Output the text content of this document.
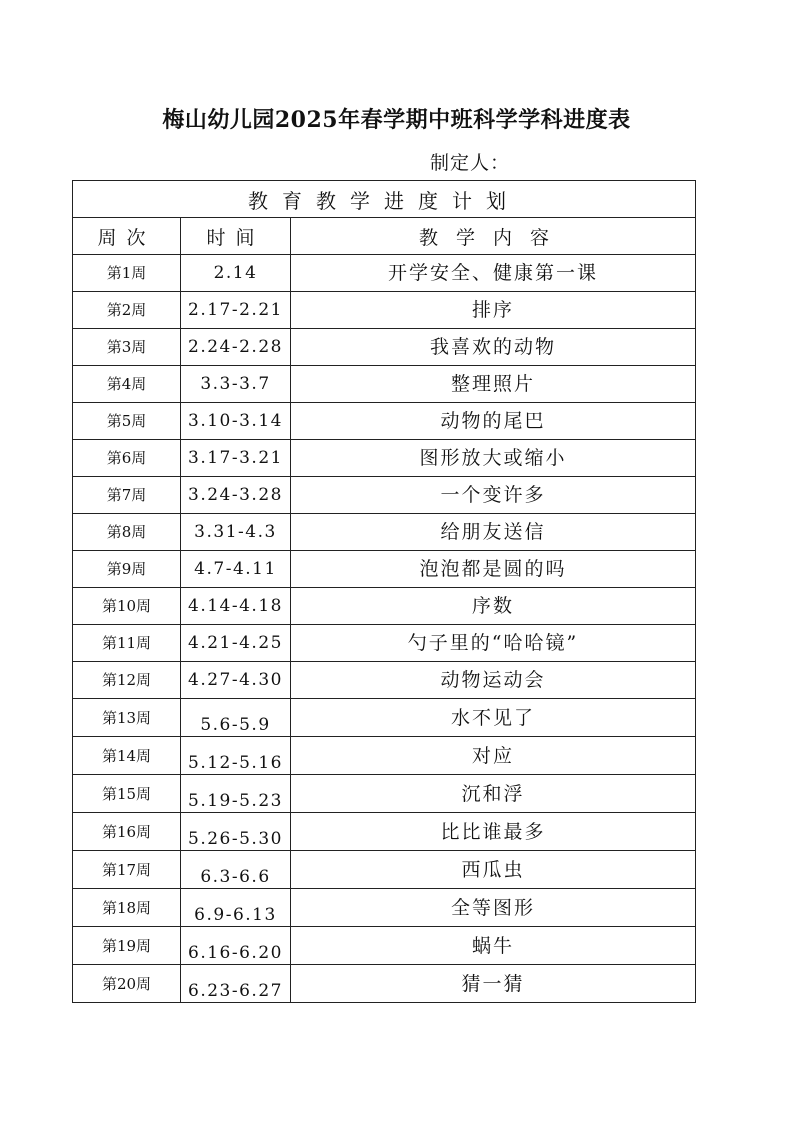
梅山幼儿园2025年春学期中班科学学科进度表
制定人：
教育教学进度计划		
周次	时间	教学内容
第1周	2.14	开学安全、健康第一课
第2周	2.17-2.21	排序
第3周	2.24-2.28	我喜欢的动物
第4周	3.3-3.7	整理照片
第5周	3.10-3.14	动物的尾巴
第6周	3.17-3.21	图形放大或缩小
第7周	3.24-3.28	一个变许多
第8周	3.31-4.3	给朋友送信
第9周	4.7-4.11	泡泡都是圆的吗
第10周	4.14-4.18	序数
第11周	4.21-4.25	勺子里的“哈哈镜”
第12周	4.27-4.30	动物运动会
第13周	5.6-5.9	水不见了
第14周	5.12-5.16	对应
第15周	5.19-5.23	沉和浮
第16周	5.26-5.30	比比谁最多
第17周	6.3-6.6	西瓜虫
第18周	6.9-6.13	全等图形
第19周	6.16-6.20	蜗牛
第20周	6.23-6.27	猜一猜
